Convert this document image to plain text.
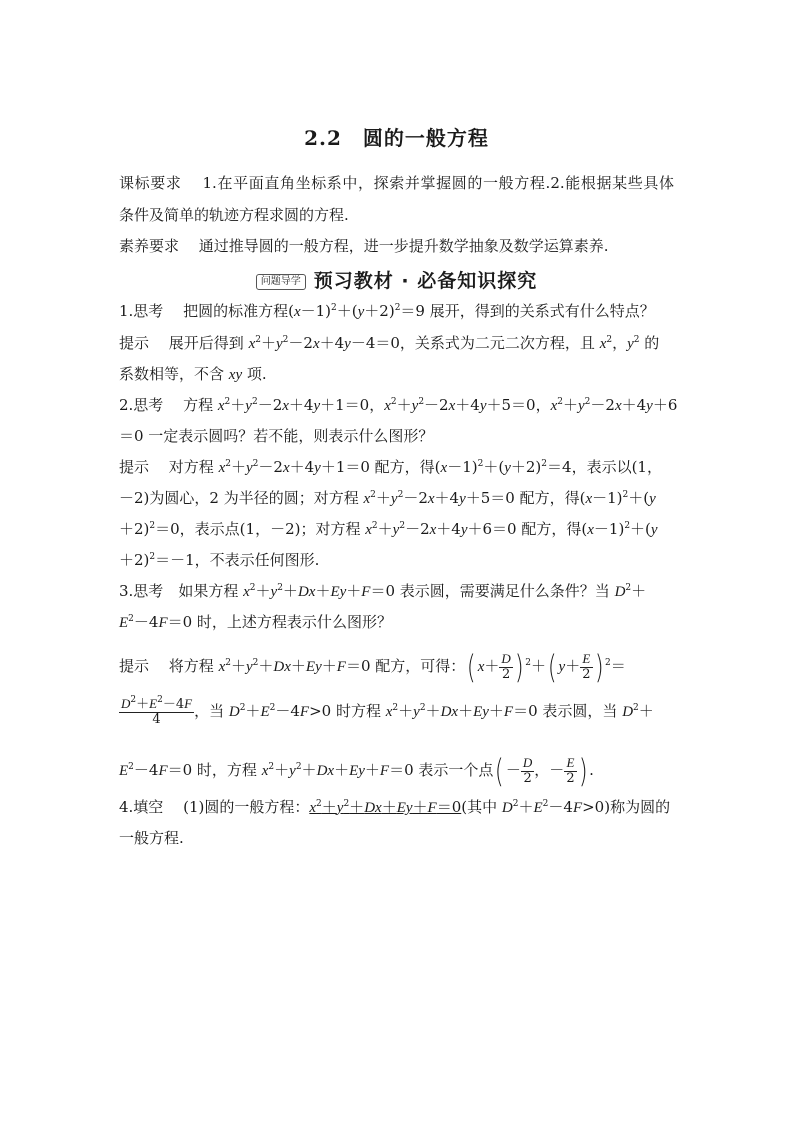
2.2　圆的一般方程
课标要求　 1.在平面直角坐标系中，探索并掌握圆的一般方程.2.能根据某些具体
条件及简单的轨迹方程求圆的方程.
素养要求　 通过推导圆的一般方程，进一步提升数学抽象及数学运算素养.
问题导学 预习教材 · 必备知识探究
1.思考　 把圆的标准方程$(x-1)^2+(y+2)^2=9$ 展开，得到的关系式有什么特点？
提示　 展开后得到 $x^2+y^2-2x+4y-4=0$，关系式为二元二次方程，且 $x^2$，$y^2$ 的
系数相等，不含 xy 项.
2.思考　 方程 $x^2+y^2-2x+4y+1=0$，$x^2+y^2-2x+4y+5=0$，$x^2+y^2-2x+4y+6$
＝0 一定表示圆吗？若不能，则表示什么图形？
提示　 对方程 $x^2+y^2-2x+4y+1=0$ 配方，得$(x-1)^2+(y+2)^2=4$，表示以(1，
－2)为圆心，2 为半径的圆；对方程 $x^2+y^2-2x+4y+5=0$ 配方，得$(x-1)^2+(y$
＋2)$^2$＝0，表示点(1，－2)；对方程 $x^2+y^2-2x+4y+6=0$ 配方，得$(x-1)^2+(y$
＋2)$^2$＝－1，不表示任何图形.
3.思考　如果方程 $x^2+y^2+Dx+Ey+F=0$ 表示圆，需要满足什么条件？当 $D^2+$
$E^2-4F=0$ 时，上述方程表示什么图形？
提示　 将方程 $x^2+y^2+Dx+Ey+F=0$ 配方，可得：( $x+ \frac{D}{2}$ ) $^2$＋( $y+ \frac{E}{2}$ ) $^2$＝
$\frac{D^2+E^2-4F}{4}$ ，当 $D^2+E^2-4F>0$ 时方程 $x^2+y^2+Dx+Ey+F=0$ 表示圆，当 $D^2+$
$E^2-4F=0$ 时，方程 $x^2+y^2+Dx+Ey+F=0$ 表示一个点( － $\frac{D}{2}$ ，－ $\frac{E}{2}$ ) .
4.填空　 (1)圆的一般方程：$x^2+y^2+Dx+Ey+F=0$(其中 $D^2+E^2-4F>0$)称为圆的
一般方程.
